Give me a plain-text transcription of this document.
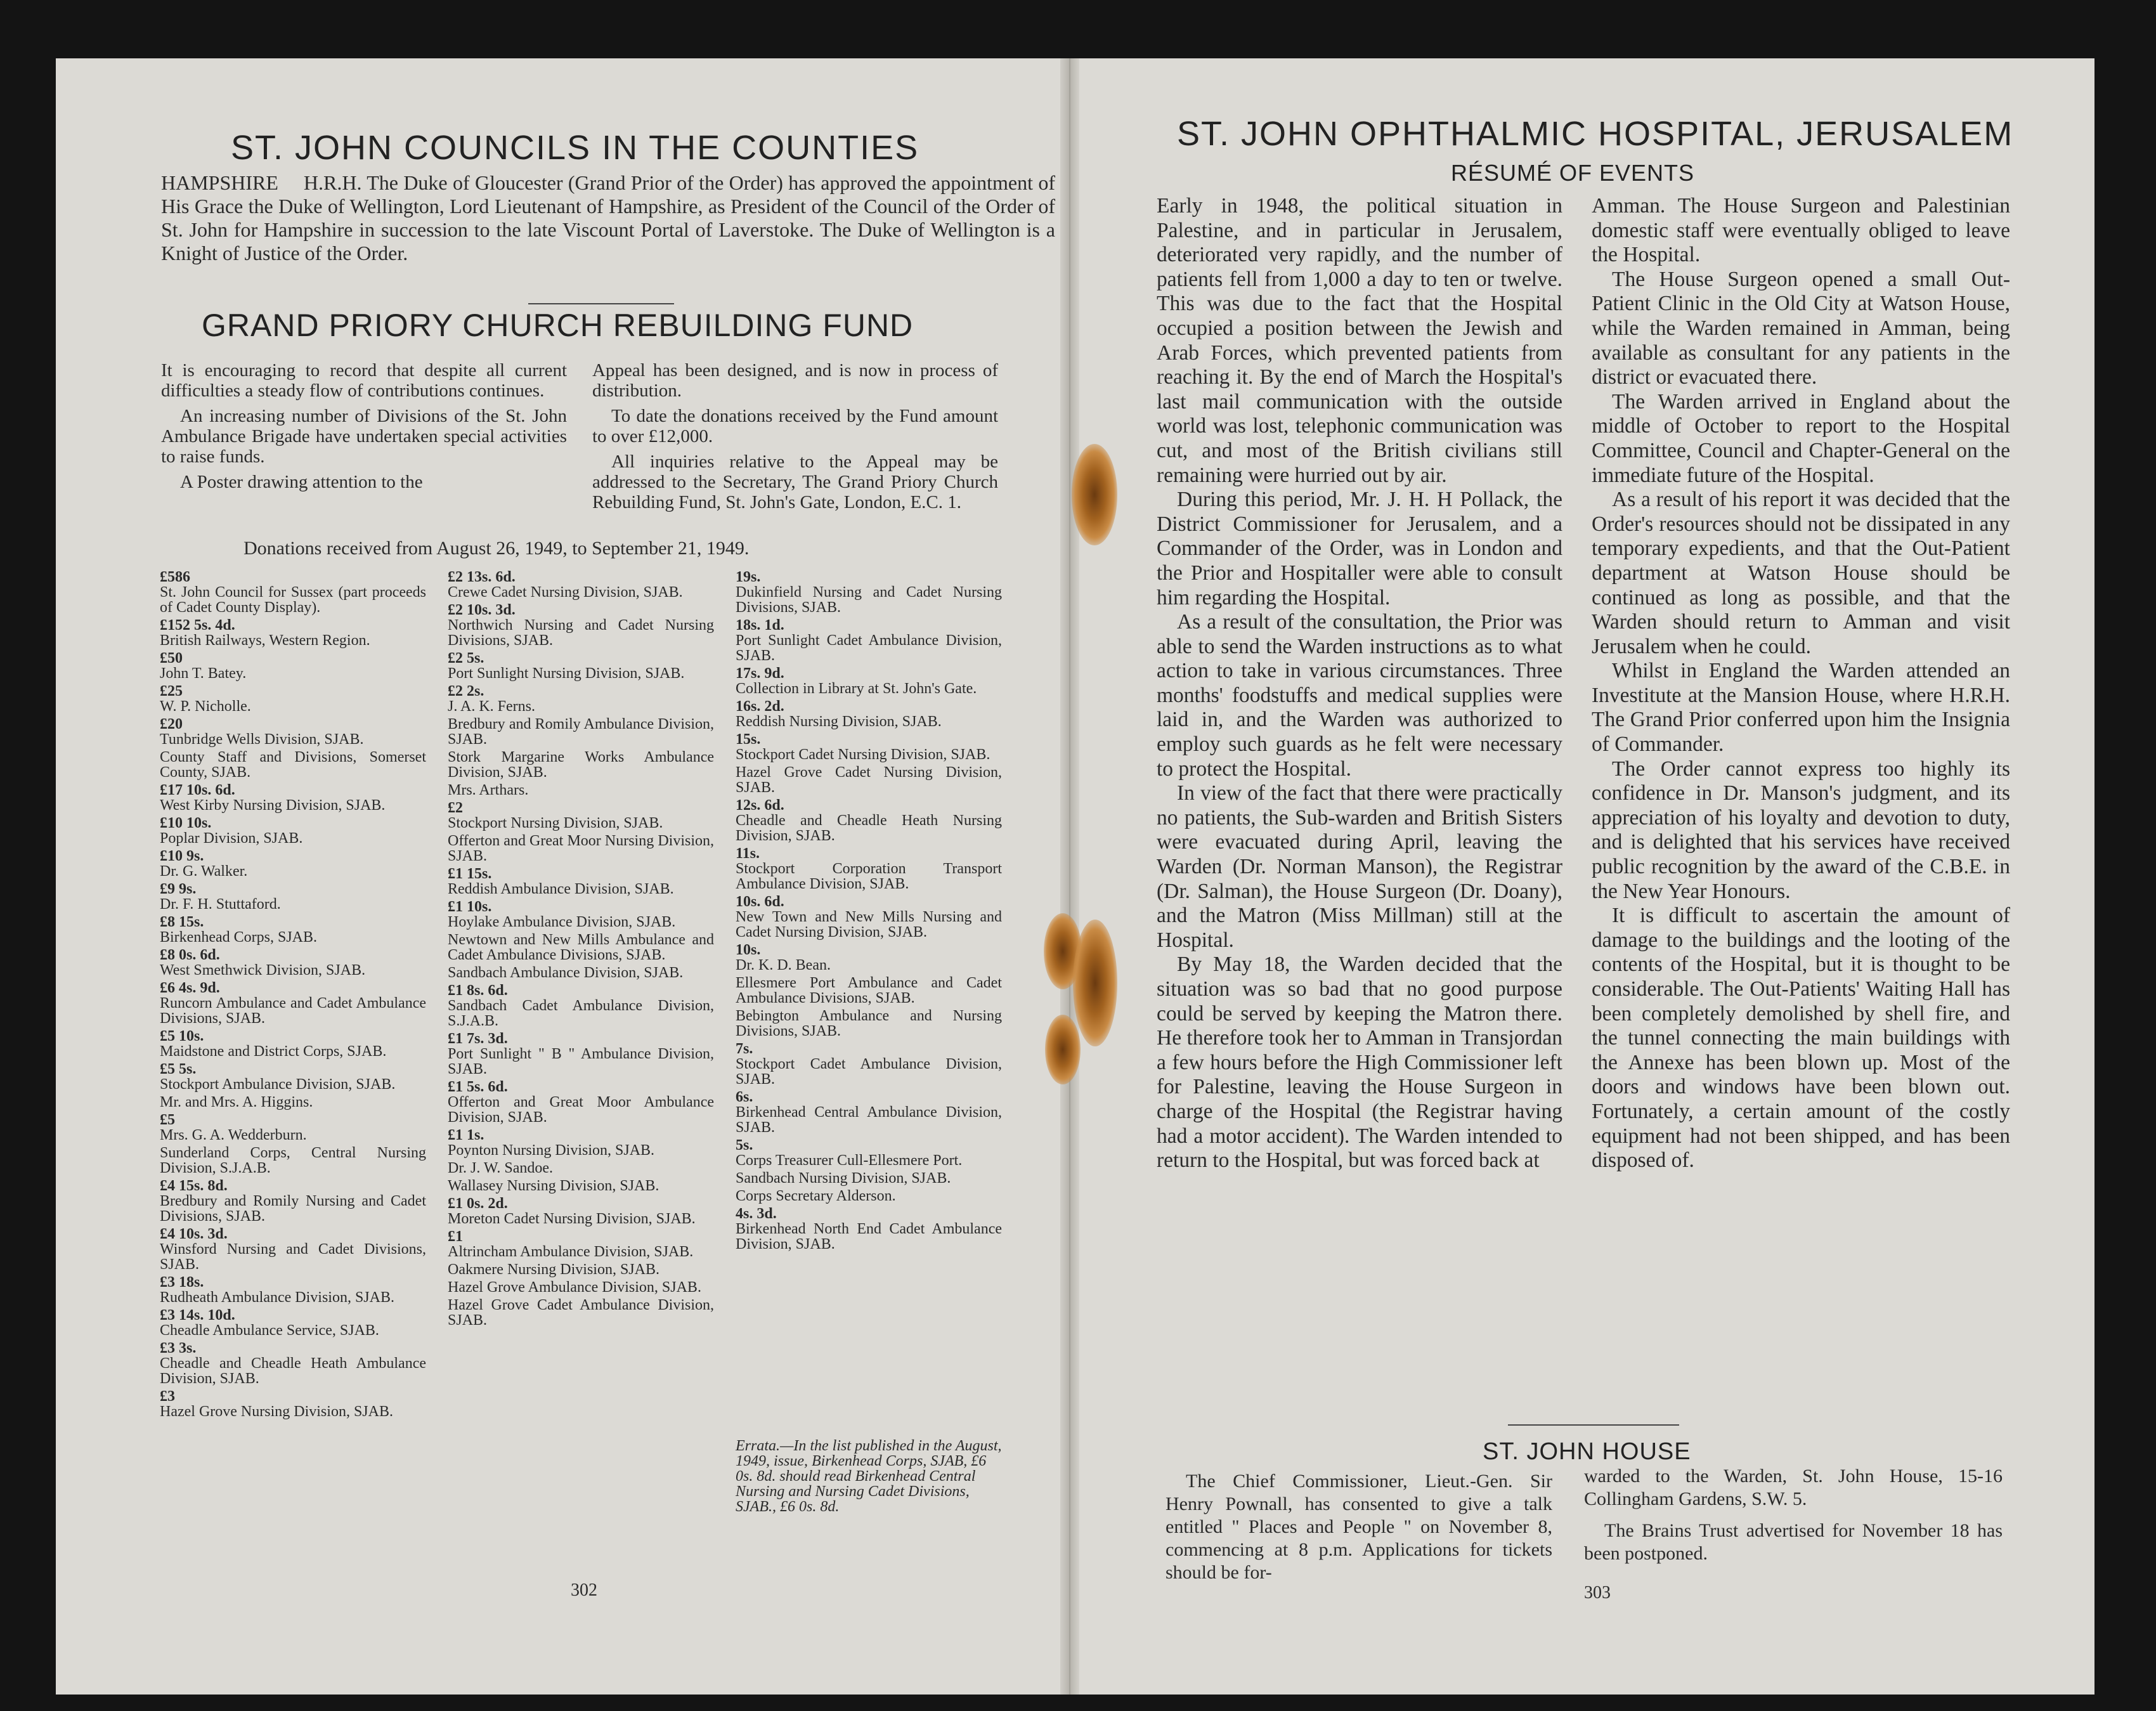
ST. JOHN COUNCILS IN THE COUNTIES
HAMPSHIRE H.R.H. The Duke of Gloucester (Grand Prior of the Order) has approved the appointment of His Grace the Duke of Wellington, Lord Lieutenant of Hampshire, as President of the Council of the Order of St. John for Hampshire in succession to the late Viscount Portal of Laverstoke. The Duke of Wellington is a Knight of Justice of the Order.
GRAND PRIORY CHURCH REBUILDING FUND

It is encouraging to record that despite all current difficulties a steady flow of contributions continues.

An increasing number of Divisions of the St. John Ambulance Brigade have undertaken special activities to raise funds.

A Poster drawing attention to the

Appeal has been designed, and is now in process of distribution.

To date the donations received by the Fund amount to over £12,000.

All inquiries relative to the Appeal may be addressed to the Secretary, The Grand Priory Church Rebuilding Fund, St. John's Gate, London, E.C. 1.

Donations received from August 26, 1949, to September 21, 1949.
£586
St. John Council for Sussex (part proceeds of Cadet County Display).
£152 5s. 4d.
British Railways, Western Region.
£50
John T. Batey.
£25
W. P. Nicholle.
£20
Tunbridge Wells Division, SJAB.
County Staff and Divisions, Somerset County, SJAB.
£17 10s. 6d.
West Kirby Nursing Division, SJAB.
£10 10s.
Poplar Division, SJAB.
£10 9s.
Dr. G. Walker.
£9 9s.
Dr. F. H. Stuttaford.
£8 15s.
Birkenhead Corps, SJAB.
£8 0s. 6d.
West Smethwick Division, SJAB.
£6 4s. 9d.
Runcorn Ambulance and Cadet Ambulance Divisions, SJAB.
£5 10s.
Maidstone and District Corps, SJAB.
£5 5s.
Stockport Ambulance Division, SJAB.
Mr. and Mrs. A. Higgins.
£5
Mrs. G. A. Wedderburn.
Sunderland Corps, Central Nursing Division, S.J.A.B.
£4 15s. 8d.
Bredbury and Romily Nursing and Cadet Divisions, SJAB.
£4 10s. 3d.
Winsford Nursing and Cadet Divisions, SJAB.
£3 18s.
Rudheath Ambulance Division, SJAB.
£3 14s. 10d.
Cheadle Ambulance Service, SJAB.
£3 3s.
Cheadle and Cheadle Heath Ambulance Division, SJAB.
£3
Hazel Grove Nursing Division, SJAB.
£2 13s. 6d.
Crewe Cadet Nursing Division, SJAB.
£2 10s. 3d.
Northwich Nursing and Cadet Nursing Divisions, SJAB.
£2 5s.
Port Sunlight Nursing Division, SJAB.
£2 2s.
J. A. K. Ferns.
Bredbury and Romily Ambulance Division, SJAB.
Stork Margarine Works Ambulance Division, SJAB.
Mrs. Arthars.
£2
Stockport Nursing Division, SJAB.
Offerton and Great Moor Nursing Division, SJAB.
£1 15s.
Reddish Ambulance Division, SJAB.
£1 10s.
Hoylake Ambulance Division, SJAB.
Newtown and New Mills Ambulance and Cadet Ambulance Divisions, SJAB.
Sandbach Ambulance Division, SJAB.
£1 8s. 6d.
Sandbach Cadet Ambulance Division, S.J.A.B.
£1 7s. 3d.
Port Sunlight " B " Ambulance Division, SJAB.
£1 5s. 6d.
Offerton and Great Moor Ambulance Division, SJAB.
£1 1s.
Poynton Nursing Division, SJAB.
Dr. J. W. Sandoe.
Wallasey Nursing Division, SJAB.
£1 0s. 2d.
Moreton Cadet Nursing Division, SJAB.
£1
Altrincham Ambulance Division, SJAB.
Oakmere Nursing Division, SJAB.
Hazel Grove Ambulance Division, SJAB.
Hazel Grove Cadet Ambulance Division, SJAB.
19s.
Dukinfield Nursing and Cadet Nursing Divisions, SJAB.
18s. 1d.
Port Sunlight Cadet Ambulance Division, SJAB.
17s. 9d.
Collection in Library at St. John's Gate.
16s. 2d.
Reddish Nursing Division, SJAB.
15s.
Stockport Cadet Nursing Division, SJAB.
Hazel Grove Cadet Nursing Division, SJAB.
12s. 6d.
Cheadle and Cheadle Heath Nursing Division, SJAB.
11s.
Stockport Corporation Transport Ambulance Division, SJAB.
10s. 6d.
New Town and New Mills Nursing and Cadet Nursing Division, SJAB.
10s.
Dr. K. D. Bean.
Ellesmere Port Ambulance and Cadet Ambulance Divisions, SJAB.
Bebington Ambulance and Nursing Divisions, SJAB.
7s.
Stockport Cadet Ambulance Division, SJAB.
6s.
Birkenhead Central Ambulance Division, SJAB.
5s.
Corps Treasurer Cull-Ellesmere Port.
Sandbach Nursing Division, SJAB.
Corps Secretary Alderson.
4s. 3d.
Birkenhead North End Cadet Ambulance Division, SJAB.
Errata.—In the list published in the August, 1949, issue, Birkenhead Corps, SJAB, £6 0s. 8d. should read Birkenhead Central Nursing and Nursing Cadet Divisions, SJAB., £6 0s. 8d.
302
ST. JOHN OPHTHALMIC HOSPITAL, JERUSALEM
RÉSUMÉ OF EVENTS

Early in 1948, the political situation in Palestine, and in particular in Jerusalem, deteriorated very rapidly, and the number of patients fell from 1,000 a day to ten or twelve. This was due to the fact that the Hospital occupied a position between the Jewish and Arab Forces, which prevented patients from reaching it. By the end of March the Hospital's last mail communication with the outside world was lost, telephonic communication was cut, and most of the British civilians still remaining were hurried out by air.

During this period, Mr. J. H. H Pollack, the District Commissioner for Jerusalem, and a Commander of the Order, was in London and the Prior and Hospitaller were able to consult him regarding the Hospital.

As a result of the consultation, the Prior was able to send the Warden instructions as to what action to take in various circumstances. Three months' foodstuffs and medical supplies were laid in, and the Warden was authorized to employ such guards as he felt were necessary to protect the Hospital.

In view of the fact that there were practically no patients, the Sub-warden and British Sisters were evacuated during April, leaving the Warden (Dr. Norman Manson), the Registrar (Dr. Salman), the House Surgeon (Dr. Doany), and the Matron (Miss Millman) still at the Hospital.

By May 18, the Warden decided that the situation was so bad that no good purpose could be served by keeping the Matron there. He therefore took her to Amman in Transjordan a few hours before the High Commissioner left for Palestine, leaving the House Surgeon in charge of the Hospital (the Registrar having had a motor accident). The Warden intended to return to the Hospital, but was forced back at

Amman. The House Surgeon and Palestinian domestic staff were eventually obliged to leave the Hospital.

The House Surgeon opened a small Out-Patient Clinic in the Old City at Watson House, while the Warden remained in Amman, being available as consultant for any patients in the district or evacuated there.

The Warden arrived in England about the middle of October to report to the Hospital Committee, Council and Chapter-General on the immediate future of the Hospital.

As a result of his report it was decided that the Order's resources should not be dissipated in any temporary expedients, and that the Out-Patient department at Watson House should be continued as long as possible, and that the Warden should return to Amman and visit Jerusalem when he could.

Whilst in England the Warden attended an Investitute at the Mansion House, where H.R.H. The Grand Prior conferred upon him the Insignia of Commander.

The Order cannot express too highly its confidence in Dr. Manson's judgment, and its appreciation of his loyalty and devotion to duty, and is delighted that his services have received public recognition by the award of the C.B.E. in the New Year Honours.

It is difficult to ascertain the amount of damage to the buildings and the looting of the contents of the Hospital, but it is thought to be considerable. The Out-Patients' Waiting Hall has been completely demolished by shell fire, and the tunnel connecting the main buildings with the Annexe has been blown up. Most of the doors and windows have been blown out. Fortunately, a certain amount of the costly equipment had not been shipped, and has been disposed of.

ST. JOHN HOUSE

The Chief Commissioner, Lieut.-Gen. Sir Henry Pownall, has consented to give a talk entitled " Places and People " on November 8, commencing at 8 p.m. Applications for tickets should be for-

warded to the Warden, St. John House, 15-16 Collingham Gardens, S.W. 5.

The Brains Trust advertised for November 18 has been postponed.

303
